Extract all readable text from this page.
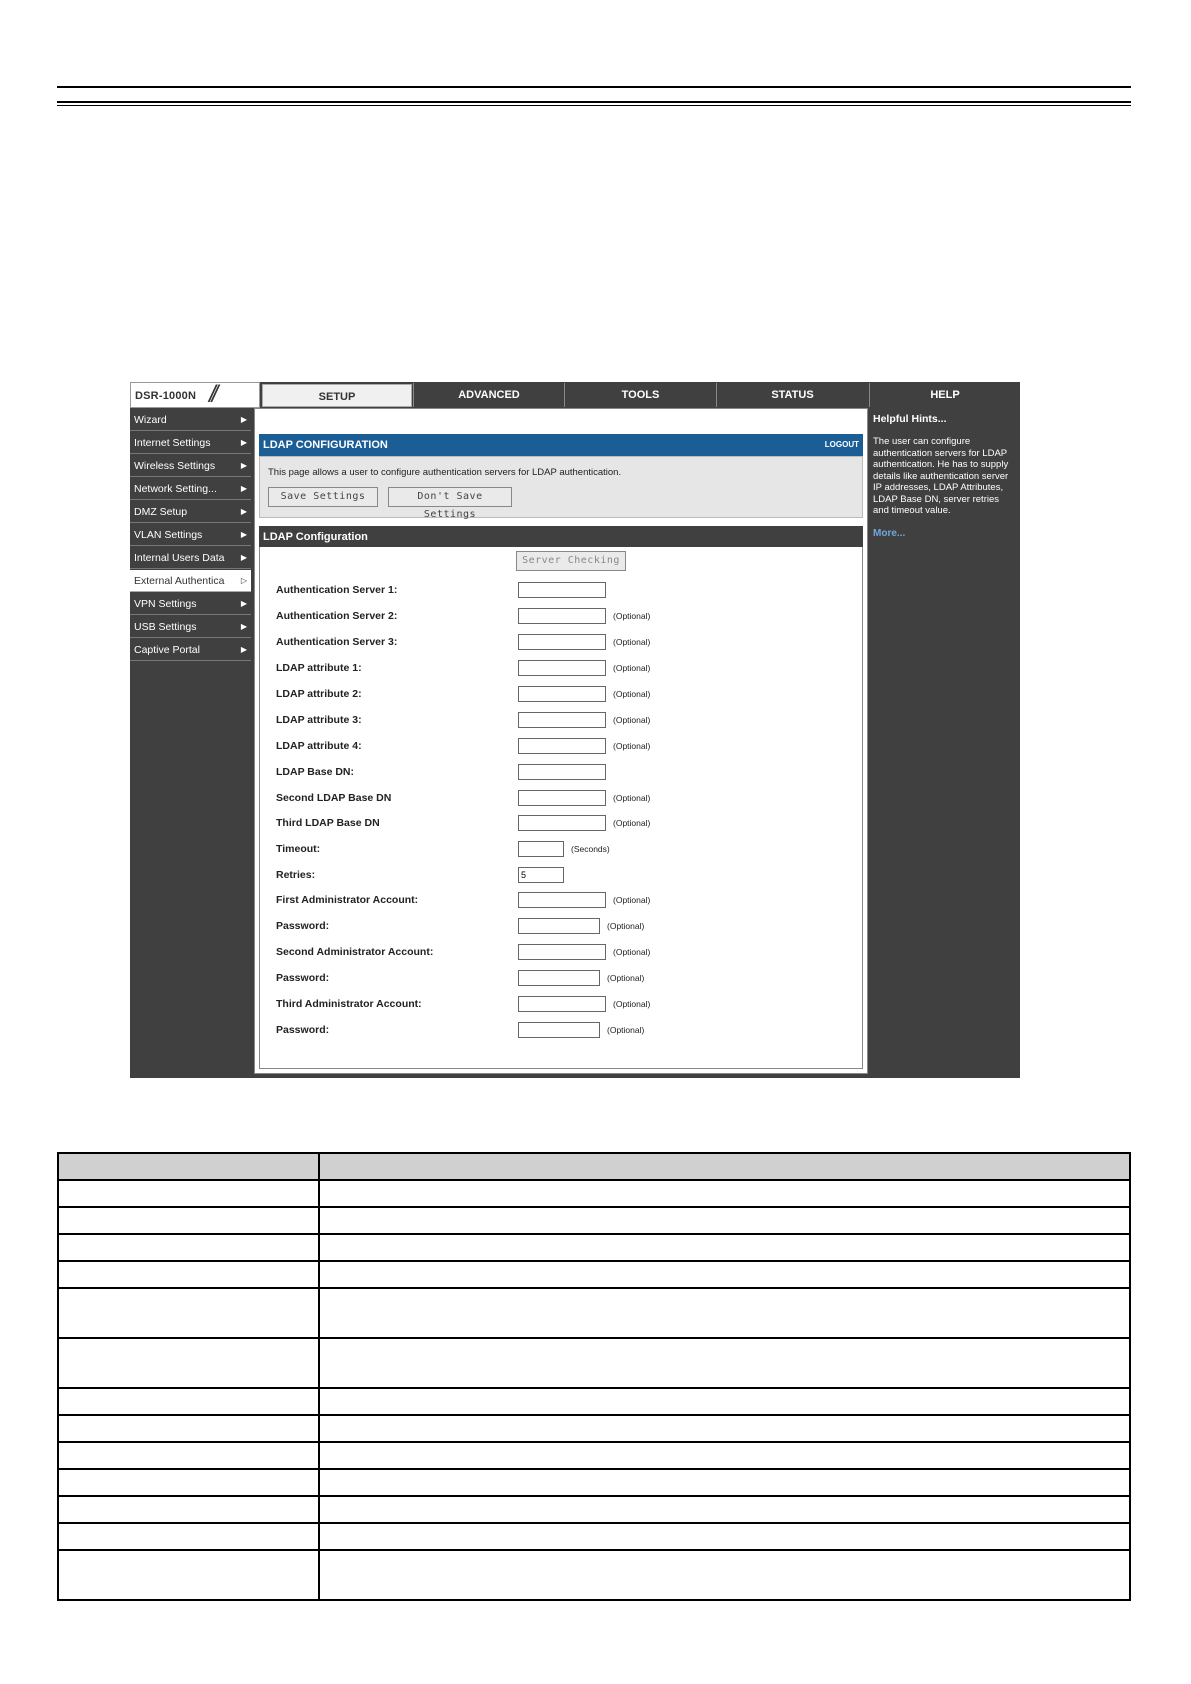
DSR-1000N //	SETUP	ADVANCED	TOOLS	STATUS	HELP
Wizard	▶
Internet Settings	▶
Wireless Settings	▶
Network Setting...	▶
DMZ Setup	▶
VLAN Settings	▶
Internal Users Data ▶
External Authentica ▷
VPN Settings	▶
USB Settings	▶
Captive Portal	▶
LDAP CONFIGURATION	LOGOUT
This page allows a user to configure authentication servers for LDAP authentication.
Save Settings	Don't Save Settings
LDAP Configuration
Server Checking
Authentication Server 1:
Authentication Server 2:	(Optional)
Authentication Server 3:	(Optional)
LDAP attribute 1:	(Optional)
LDAP attribute 2:	(Optional)
LDAP attribute 3:	(Optional)
LDAP attribute 4:	(Optional)
LDAP Base DN:
Second LDAP Base DN	(Optional)
Third LDAP Base DN	(Optional)
Timeout:	(Seconds)
Retries:	5
First Administrator Account:	(Optional)
Password:	(Optional)
Second Administrator Account:	(Optional)
Password:	(Optional)
Third Administrator Account:	(Optional)
Password:	(Optional)
Helpful Hints...
The user can configure authentication servers for LDAP authentication. He has to supply details like authentication server IP addresses, LDAP Attributes, LDAP Base DN, server retries and timeout value.
More...
